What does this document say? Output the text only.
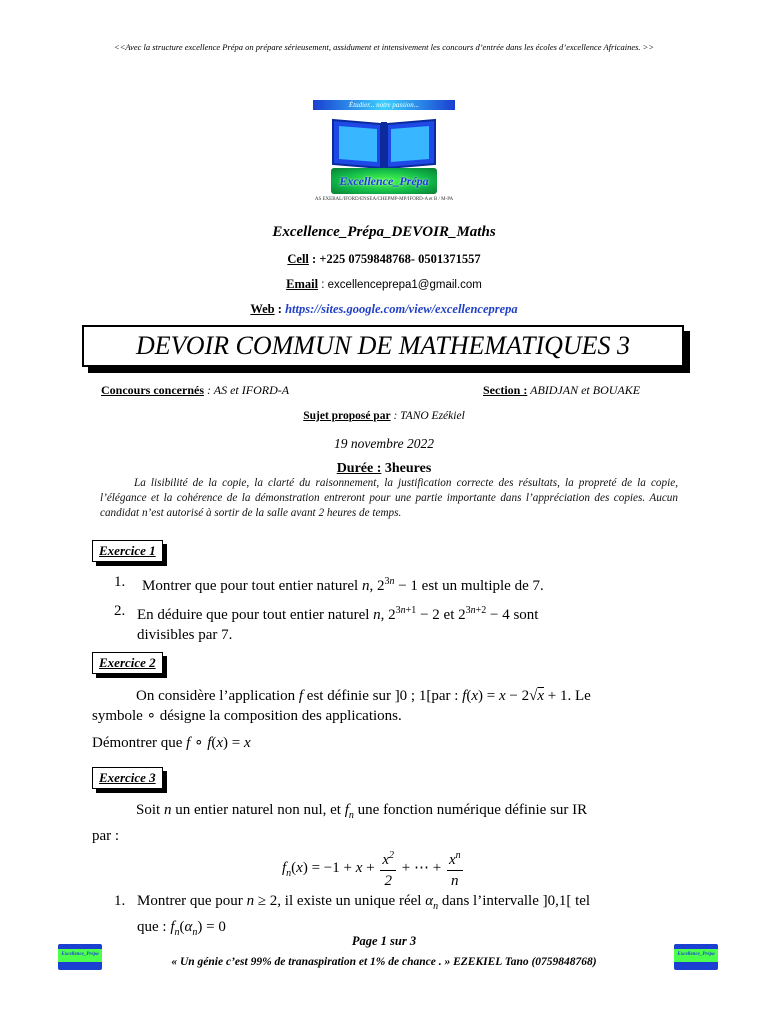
<<Avec la structure excellence Prépa on prépare sérieusement, assidument et intensivement les concours d’entrée dans les écoles d’excellence Africaines. >>
Étudier... notre passion...
Excellence_Prépa
AS EXEBAL/IFORD/ENSEA/CHEPMP-MP/IFORD-A et B / M-PA
Excellence_Prépa_DEVOIR_Maths
Cell : +225 0759848768- 0501371557
Email : excellenceprepa1@gmail.com
Web : https://sites.google.com/view/excellenceprepa
DEVOIR COMMUN DE MATHEMATIQUES 3
Concours concernés : AS et IFORD-A	Section : ABIDJAN et BOUAKE
Sujet proposé par : TANO Ezékiel
19 novembre 2022
Durée : 3heures
La lisibilité de la copie, la clarté du raisonnement, la justification correcte des résultats, la propreté de la copie, l’élégance et la cohérence de la démonstration entreront pour une partie importante dans l’appréciation des copies. Aucun candidat n’est autorisé à sortir de la salle avant 2 heures de temps.
Exercice 1
1. Montrer que pour tout entier naturel n, $2^{3n} - 1$ est un multiple de 7.
2. En déduire que pour tout entier naturel n, $2^{3n+1} - 2$ et $2^{3n+2} - 4$ sont
divisibles par 7.
Exercice 2
On considère l’application f est définie sur ]0 ; 1[par : f(x) = x − 2√x + 1. Le
symbole ∘ désigne la composition des applications.
Démontrer que f ∘ f(x) = x
Exercice 3
Soit n un entier naturel non nul, et $f_n$ une fonction numérique définie sur IR
par :
$f_n(x) = -1 + x + \frac{x^2}{2}$ + ⋯ + $\frac{x^n}{n}$
1. Montrer que pour n ≥ 2, il existe un unique réel $\alpha_n$ dans l’intervalle ]0,1[ tel
que : $f_n(\alpha_n) = 0$
Page 1 sur 3
« Un génie c’est 99% de tranaspiration et 1% de chance . » EZEKIEL Tano (0759848768)
Excellence_Prépa	Excellence_Prépa
